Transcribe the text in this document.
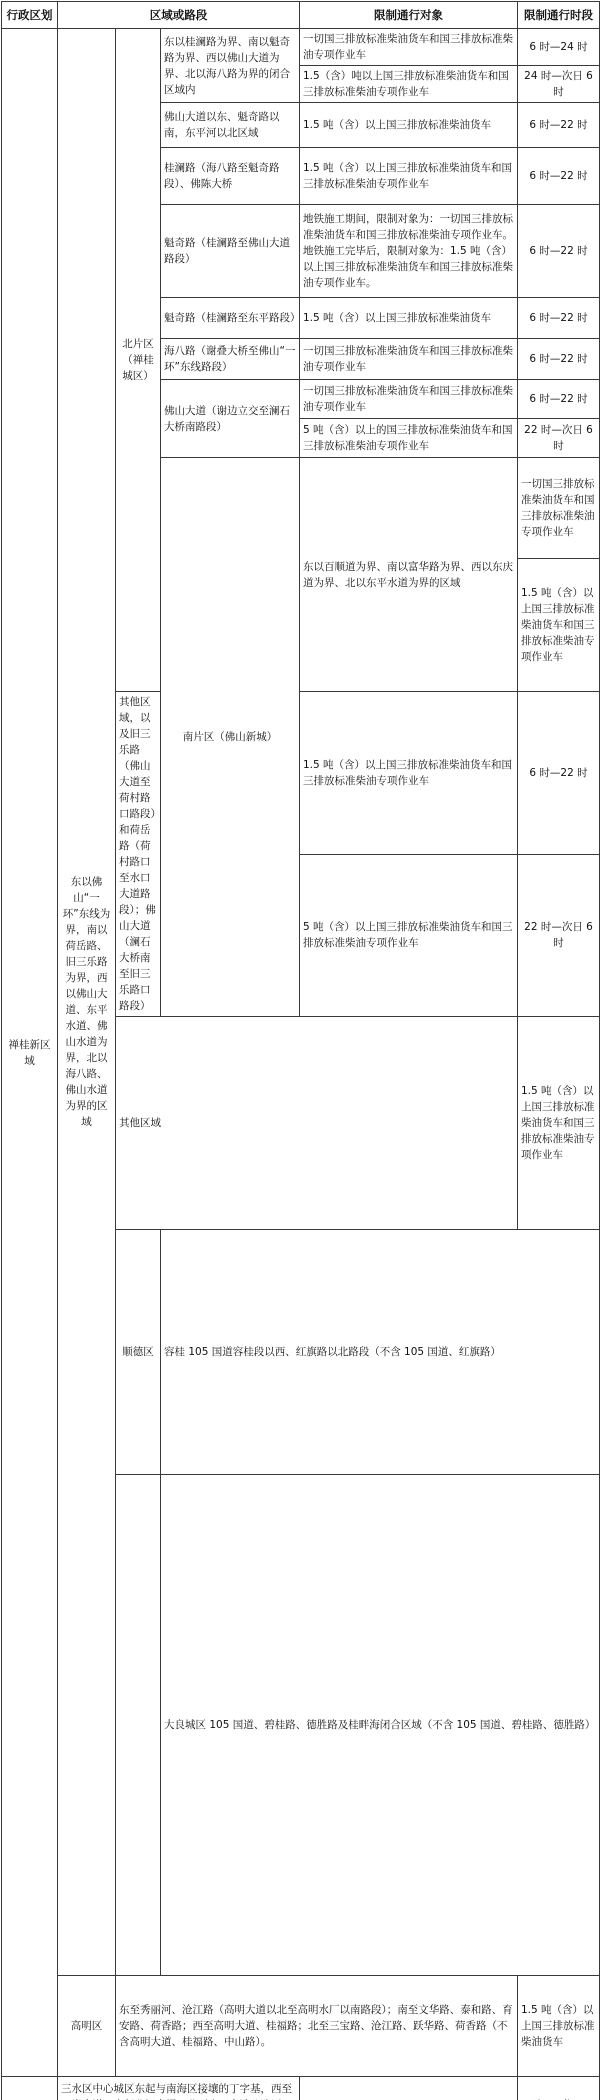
行政区划	区域或路段			限制通行对象	限制通行时段	
禅桂新区域	东以佛山“一环”东线为界，南以荷岳路、旧三乐路为界，西以佛山大道、东平水道、佛山水道为界，北以海八路、佛山水道为界的区域	北片区（禅桂城区）	东以桂澜路为界、南以魁奇路为界、西以佛山大道为界、北以海八路为界的闭合区域内	一切国三排放标准柴油货车和国三排放标准柴油专项作业车	6 时—24 时	
				1.5（含）吨以上国三排放标准柴油货车和国三排放标准柴油专项作业车	24 时—次日 6 时	
			佛山大道以东、魁奇路以南，东平河以北区域	1.5 吨（含）以上国三排放标准柴油货车	6 时—22 时	
			桂澜路（海八路至魁奇路段）、佛陈大桥	1.5 吨（含）以上国三排放标准柴油货车和国三排放标准柴油专项作业车	6 时—22 时	
			魁奇路（桂澜路至佛山大道路段）	地铁施工期间，限制对象为：一切国三排放标准柴油货车和国三排放标准柴油专项作业车。地铁施工完毕后，限制对象为：1.5 吨（含）以上国三排放标准柴油货车和国三排放标准柴油专项作业车。	6 时—22 时	
			魁奇路（桂澜路至东平路段）	1.5 吨（含）以上国三排放标准柴油货车	6 时—22 时	
			海八路（谢叠大桥至佛山“一环”东线路段）	一切国三排放标准柴油货车和国三排放标准柴油专项作业车	6 时—22 时	
			佛山大道（谢边立交至澜石大桥南路段）	一切国三排放标准柴油货车和国三排放标准柴油专项作业车	6 时—22 时	
				5 吨（含）以上的国三排放标准柴油货车和国三排放标准柴油专项作业车	22 时—次日 6 时	
			南片区（佛山新城）	东以百顺道为界、南以富华路为界、西以东庆道为界、北以东平水道为界的区域	一切国三排放标准柴油货车和国三排放标准柴油专项作业车	
					1.5 吨（含）以上国三排放标准柴油货车和国三排放标准柴油专项作业车	
		其他区域，以及旧三乐路（佛山大道至荷村路口路段）和荷岳路（荷村路口至水口大道路段）；佛山大道（澜石大桥南至旧三乐路口路段）		1.5 吨（含）以上国三排放标准柴油货车和国三排放标准柴油专项作业车	6 时—22 时	
				5 吨（含）以上国三排放标准柴油货车和国三排放标准柴油专项作业车	22 时—次日 6 时	
		其他区域			1.5 吨（含）以上国三排放标准柴油货车和国三排放标准柴油专项作业车	
		顺德区	容桂 105 国道容桂段以西、红旗路以北路段（不含 105 国道、红旗路）		
			大良城区 105 国道、碧桂路、德胜路及桂畔海闭合区域（不含 105 国道、碧桂路、德胜路）		
	高明区	东至秀丽河、沧江路（高明大道以北至高明水厂以南路段）；南至文华路、泰和路、育安路、荷香路；西至高明大道、桂福路；北至三宝路、沧江路、跃华路、荷香路（不含高明大道、桂福路、中山路）。			1.5 吨（含）以上国三排放标准柴油货车	
	三水区中心城区东起与南海区接壤的丁字基，西至		
